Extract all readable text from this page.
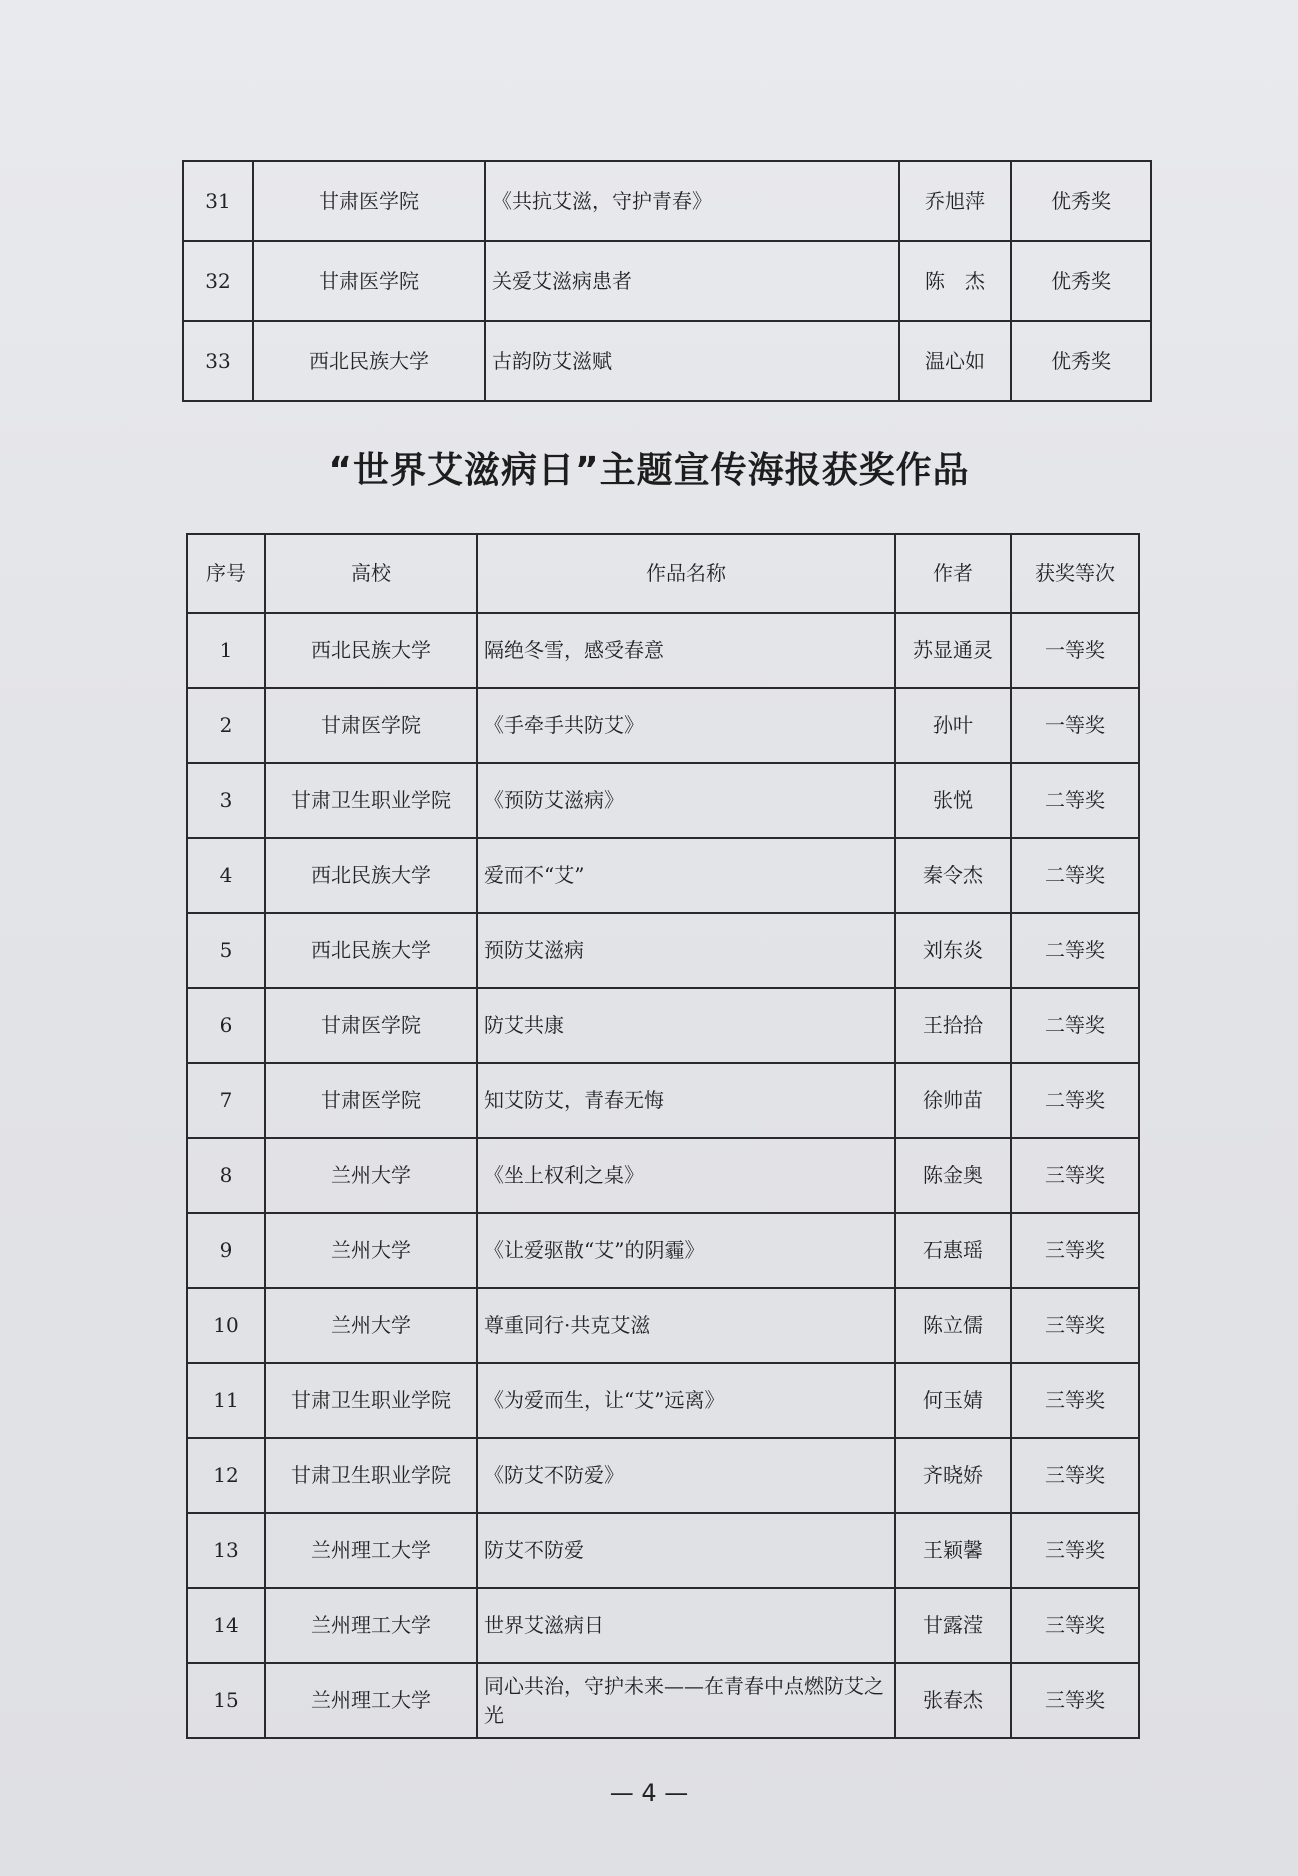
31	甘肃医学院	《共抗艾滋，守护青春》	乔旭萍	优秀奖
32	甘肃医学院	关爱艾滋病患者	陈　杰	优秀奖
33	西北民族大学	古韵防艾滋赋	温心如	优秀奖
“世界艾滋病日”主题宣传海报获奖作品
序号	高校	作品名称	作者	获奖等次
1	西北民族大学	隔绝冬雪，感受春意	苏显通灵	一等奖
2	甘肃医学院	《手牵手共防艾》	孙叶	一等奖
3	甘肃卫生职业学院	《预防艾滋病》	张悦	二等奖
4	西北民族大学	爱而不“艾”	秦令杰	二等奖
5	西北民族大学	预防艾滋病	刘东炎	二等奖
6	甘肃医学院	防艾共康	王拾拾	二等奖
7	甘肃医学院	知艾防艾，青春无悔	徐帅苗	二等奖
8	兰州大学	《坐上权利之桌》	陈金奥	三等奖
9	兰州大学	《让爱驱散“艾”的阴霾》	石惠瑶	三等奖
10	兰州大学	尊重同行·共克艾滋	陈立儒	三等奖
11	甘肃卫生职业学院	《为爱而生，让“艾”远离》	何玉婧	三等奖
12	甘肃卫生职业学院	《防艾不防爱》	齐晓娇	三等奖
13	兰州理工大学	防艾不防爱	王颖馨	三等奖
14	兰州理工大学	世界艾滋病日	甘露滢	三等奖
15	兰州理工大学	同心共治，守护未来——在青春中点燃防艾之光	张春杰	三等奖
— 4 —
